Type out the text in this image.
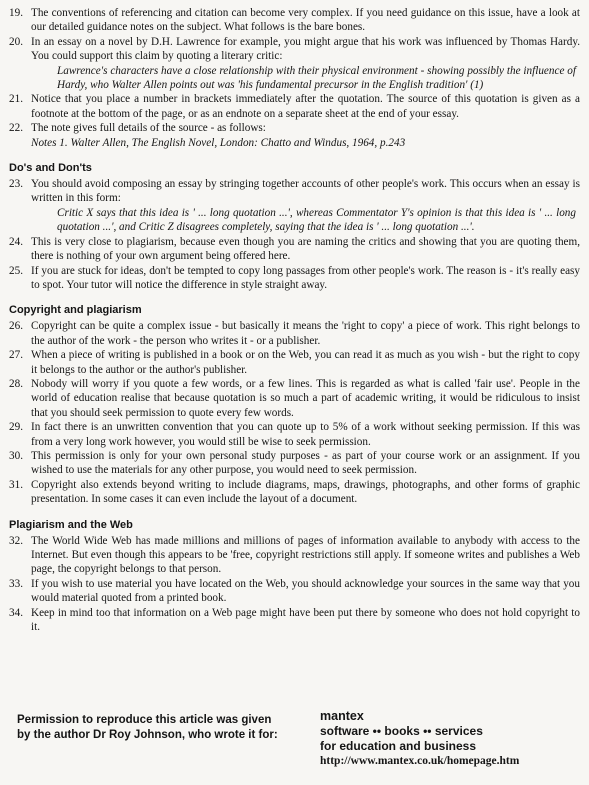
19. The conventions of referencing and citation can become very complex. If you need guidance on this issue, have a look at our detailed guidance notes on the subject. What follows is the bare bones.

20. In an essay on a novel by D.H. Lawrence for example, you might argue that his work was influenced by Thomas Hardy. You could support this claim by quoting a literary critic:

Lawrence's characters have a close relationship with their physical environment - showing possibly the influence of Hardy, who Walter Allen points out was 'his fundamental precursor in the English tradition' (1)

21. Notice that you place a number in brackets immediately after the quotation. The source of this quotation is given as a footnote at the bottom of the page, or as an endnote on a separate sheet at the end of your essay.

22. The note gives full details of the source - as follows:

Notes 1. Walter Allen, The English Novel, London: Chatto and Windus, 1964, p.243

Do's and Don'ts
23. You should avoid composing an essay by stringing together accounts of other people's work. This occurs when an essay is written in this form:

Critic X says that this idea is ' ... long quotation ...', whereas Commentator Y's opinion is that this idea is ' ... long quotation ...', and Critic Z disagrees completely, saying that the idea is ' ... long quotation ...'.

24. This is very close to plagiarism, because even though you are naming the critics and showing that you are quoting them, there is nothing of your own argument being offered here.

25. If you are stuck for ideas, don't be tempted to copy long passages from other people's work. The reason is - it's really easy to spot. Your tutor will notice the difference in style straight away.

Copyright and plagiarism
26. Copyright can be quite a complex issue - but basically it means the 'right to copy' a piece of work. This right belongs to the author of the work - the person who writes it - or a publisher.

27. When a piece of writing is published in a book or on the Web, you can read it as much as you wish - but the right to copy it belongs to the author or the author's publisher.

28. Nobody will worry if you quote a few words, or a few lines. This is regarded as what is called 'fair use'. People in the world of education realise that because quotation is so much a part of academic writing, it would be ridiculous to insist that you should seek permission to quote every few words.

29. In fact there is an unwritten convention that you can quote up to 5% of a work without seeking permission. If this was from a very long work however, you would still be wise to seek permission.

30. This permission is only for your own personal study purposes - as part of your course work or an assignment. If you wished to use the materials for any other purpose, you would need to seek permission.

31. Copyright also extends beyond writing to include diagrams, maps, drawings, photographs, and other forms of graphic presentation. In some cases it can even include the layout of a document.

Plagiarism and the Web
32. The World Wide Web has made millions and millions of pages of information available to anybody with access to the Internet. But even though this appears to be 'free, copyright restrictions still apply. If someone writes and publishes a Web page, the copyright belongs to that person.

33. If you wish to use material you have located on the Web, you should acknowledge your sources in the same way that you would material quoted from a printed book.

34. Keep in mind too that information on a Web page might have been put there by someone who does not hold copyright to it.

Permission to reproduce this article was given
by the author Dr Roy Johnson, who wrote it for:
mantex
software •• books •• services
for education and business
http://www.mantex.co.uk/homepage.htm
